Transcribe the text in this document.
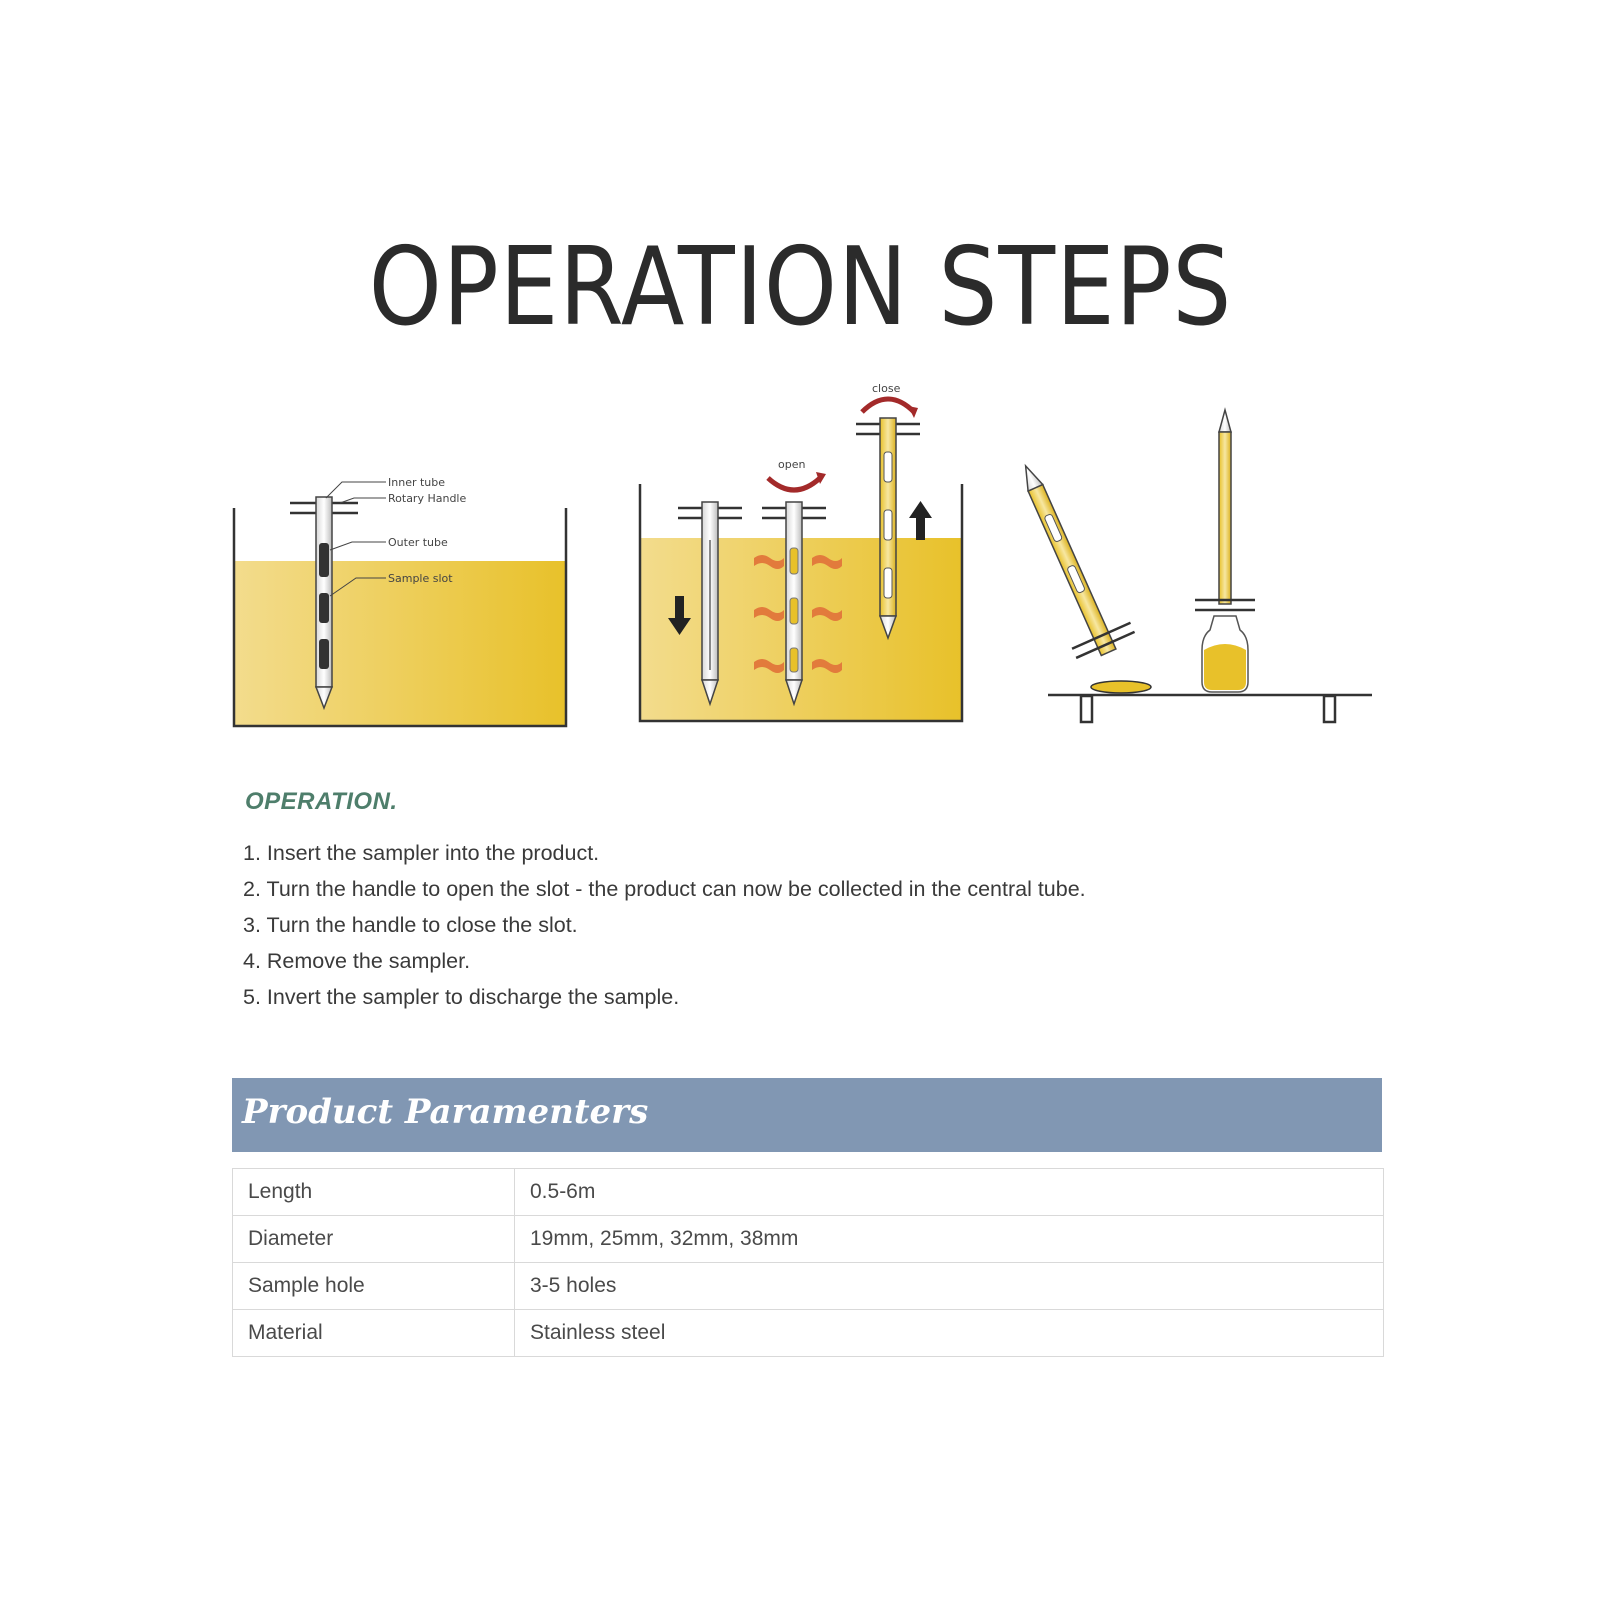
OPERATION STEPS
Inner tube
Rotary Handle
Outer tube
Sample slot
open
close
OPERATION.
1. Insert the sampler into the product.
2. Turn the handle to open the slot - the product can now be collected in the central tube.
3. Turn the handle to close the slot.
4. Remove the sampler.
5. Invert the sampler to discharge the sample.
Product Paramenters
Length	0.5-6m
Diameter	19mm, 25mm, 32mm, 38mm
Sample hole	3-5 holes
Material	Stainless steel
